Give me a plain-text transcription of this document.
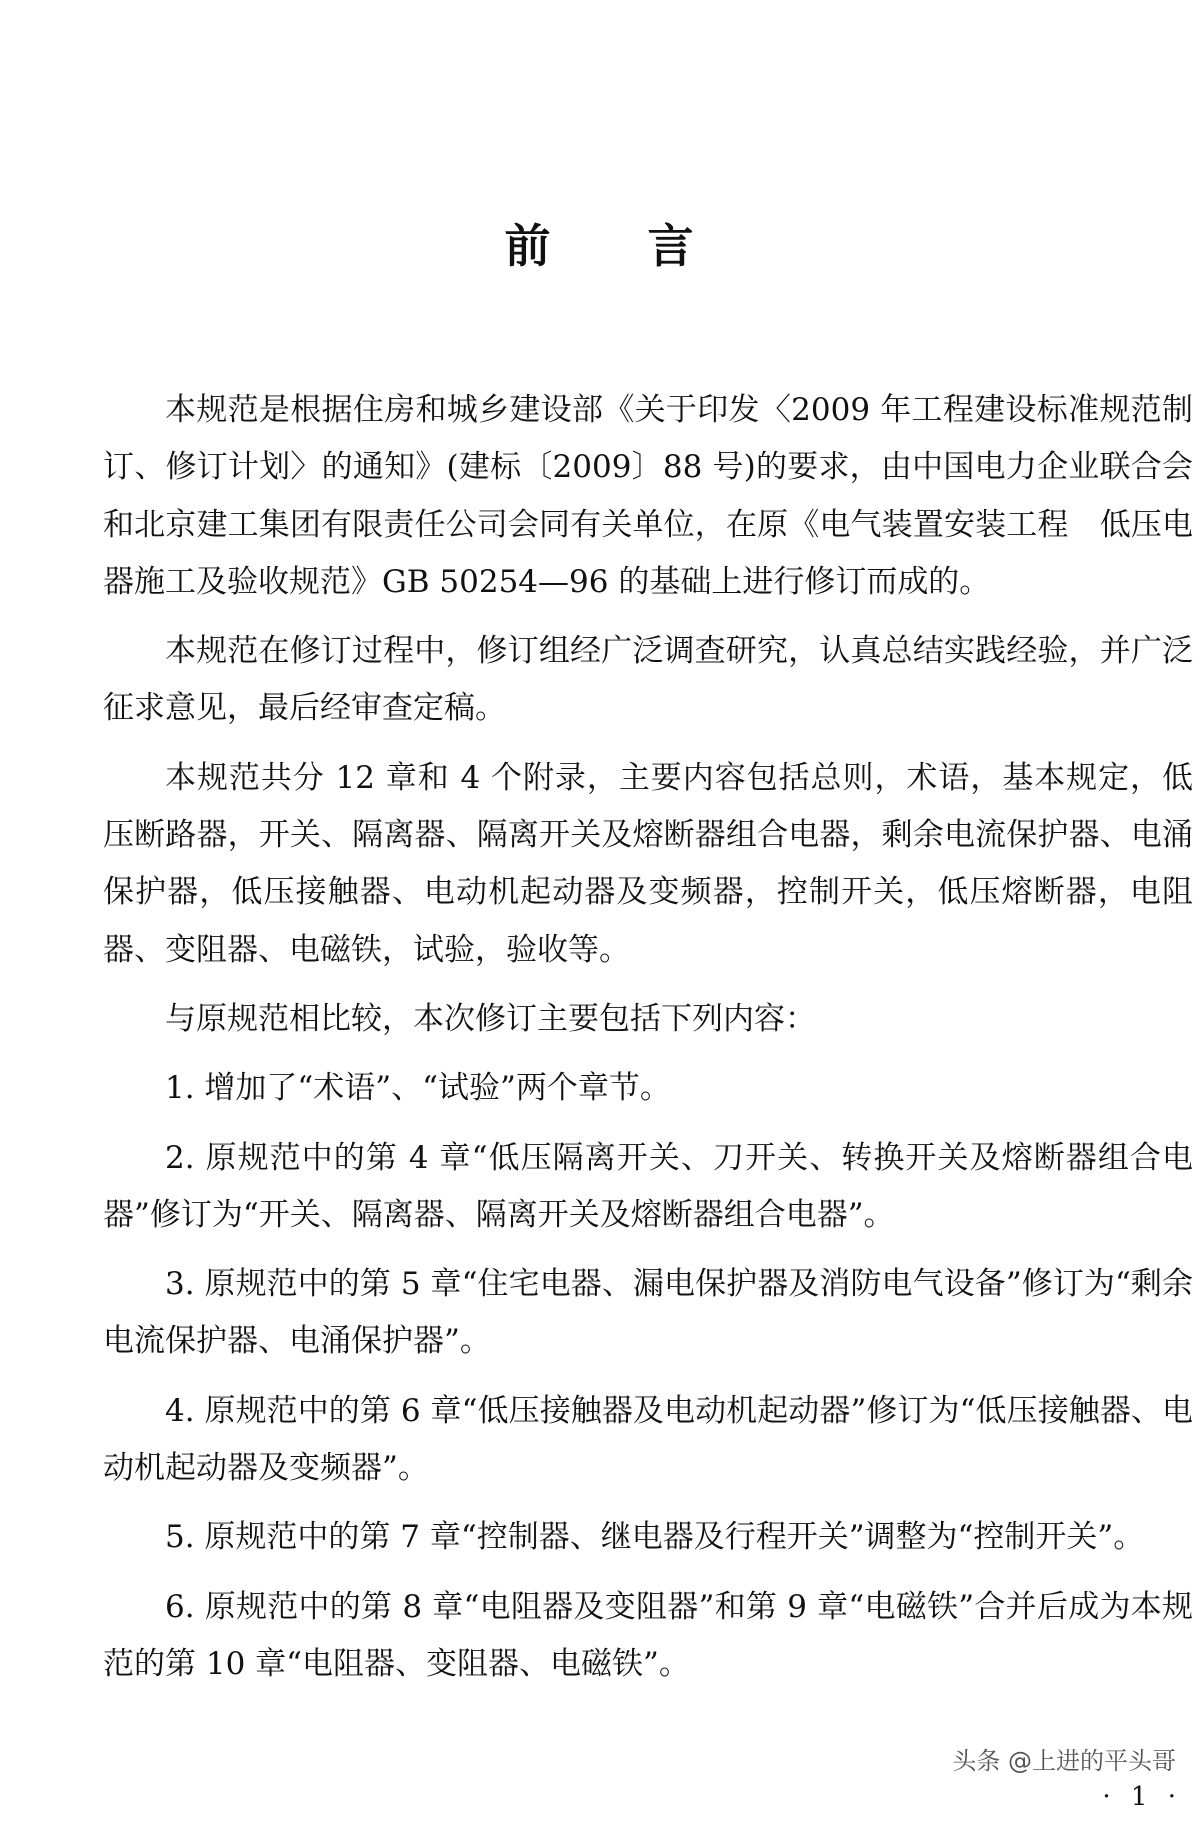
前 言

本规范是根据住房和城乡建设部《关于印发〈2009 年工程建设标准规范制订、修订计划〉的通知》(建标〔2009〕88 号)的要求，由中国电力企业联合会和北京建工集团有限责任公司会同有关单位，在原《电气装置安装工程　低压电器施工及验收规范》GB 50254—96 的基础上进行修订而成的。

本规范在修订过程中，修订组经广泛调查研究，认真总结实践经验，并广泛征求意见，最后经审查定稿。

本规范共分 12 章和 4 个附录，主要内容包括总则，术语，基本规定，低压断路器，开关、隔离器、隔离开关及熔断器组合电器，剩余电流保护器、电涌保护器，低压接触器、电动机起动器及变频器，控制开关，低压熔断器，电阻器、变阻器、电磁铁，试验，验收等。

与原规范相比较，本次修订主要包括下列内容：

1. 增加了“术语”、“试验”两个章节。

2. 原规范中的第 4 章“低压隔离开关、刀开关、转换开关及熔断器组合电器”修订为“开关、隔离器、隔离开关及熔断器组合电器”。

3. 原规范中的第 5 章“住宅电器、漏电保护器及消防电气设备”修订为“剩余电流保护器、电涌保护器”。

4. 原规范中的第 6 章“低压接触器及电动机起动器”修订为“低压接触器、电动机起动器及变频器”。

5. 原规范中的第 7 章“控制器、继电器及行程开关”调整为“控制开关”。

6. 原规范中的第 8 章“电阻器及变阻器”和第 9 章“电磁铁”合并后成为本规范的第 10 章“电阻器、变阻器、电磁铁”。

头条 @上进的平头哥
· 1 ·
